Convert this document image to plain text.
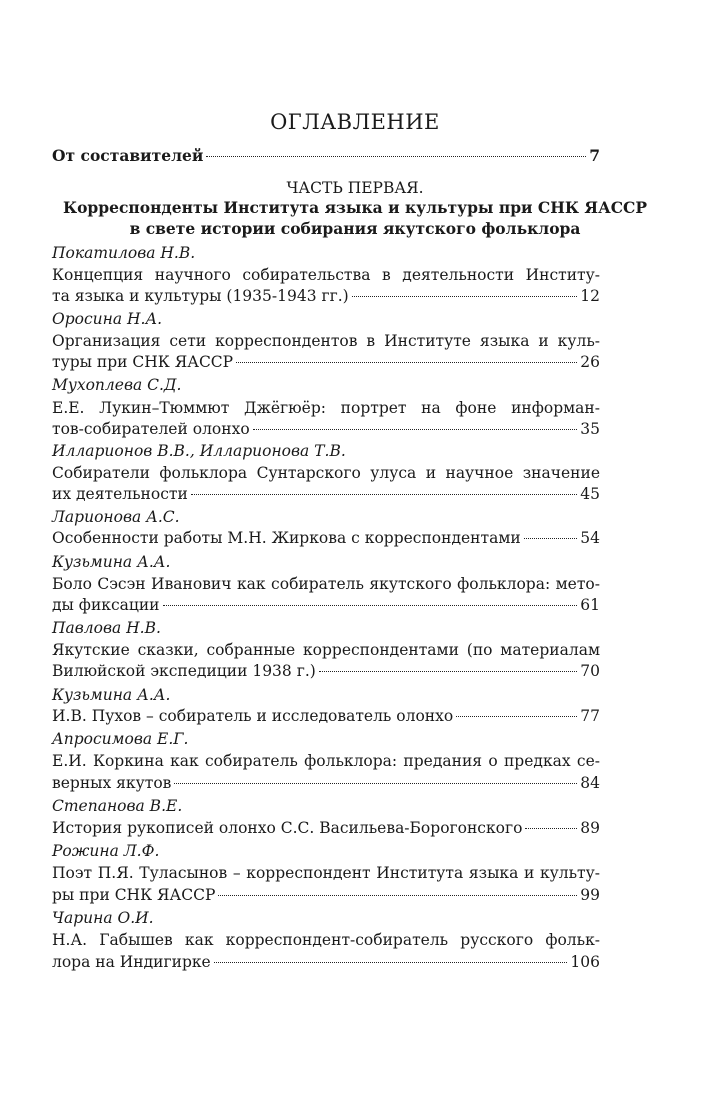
ОГЛАВЛЕНИЕ
От составителей	7
ЧАСТЬ ПЕРВАЯ.
Корреспонденты Института языка и культуры при СНК ЯАССР
в свете истории собирания якутского фольклора
Покатилова Н.В.
Концепция научного собирательства в деятельности Институ-
та языка и культуры (1935-1943 гг.)	12
Оросина Н.А.
Организация сети корреспондентов в Институте языка и куль-
туры при СНК ЯАССР	26
Мухоплева С.Д.
Е.Е. Лукин–Тюммют Джёгюёр: портрет на фоне информан-
тов-собирателей олонхо	35
Илларионов В.В., Илларионова Т.В.
Собиратели фольклора Сунтарского улуса и научное значение
их деятельности	45
Ларионова А.С.
Особенности работы М.Н. Жиркова с корреспондентами	54
Кузьмина А.А.
Боло Сэсэн Иванович как собиратель якутского фольклора: мето-
ды фиксации	61
Павлова Н.В.
Якутские сказки, собранные корреспондентами (по материалам
Вилюйской экспедиции 1938 г.)	70
Кузьмина А.А.
И.В. Пухов – собиратель и исследователь олонхо	77
Апросимова Е.Г.
Е.И. Коркина как собиратель фольклора: предания о предках се-
верных якутов	84
Степанова В.Е.
История рукописей олонхо С.С. Васильева-Борогонского	89
Рожина Л.Ф.
Поэт П.Я. Туласынов – корреспондент Института языка и культу-
ры при СНК ЯАССР	99
Чарина О.И.
Н.А. Габышев как корреспондент-собиратель русского фольк-
лора на Индигирке	106
